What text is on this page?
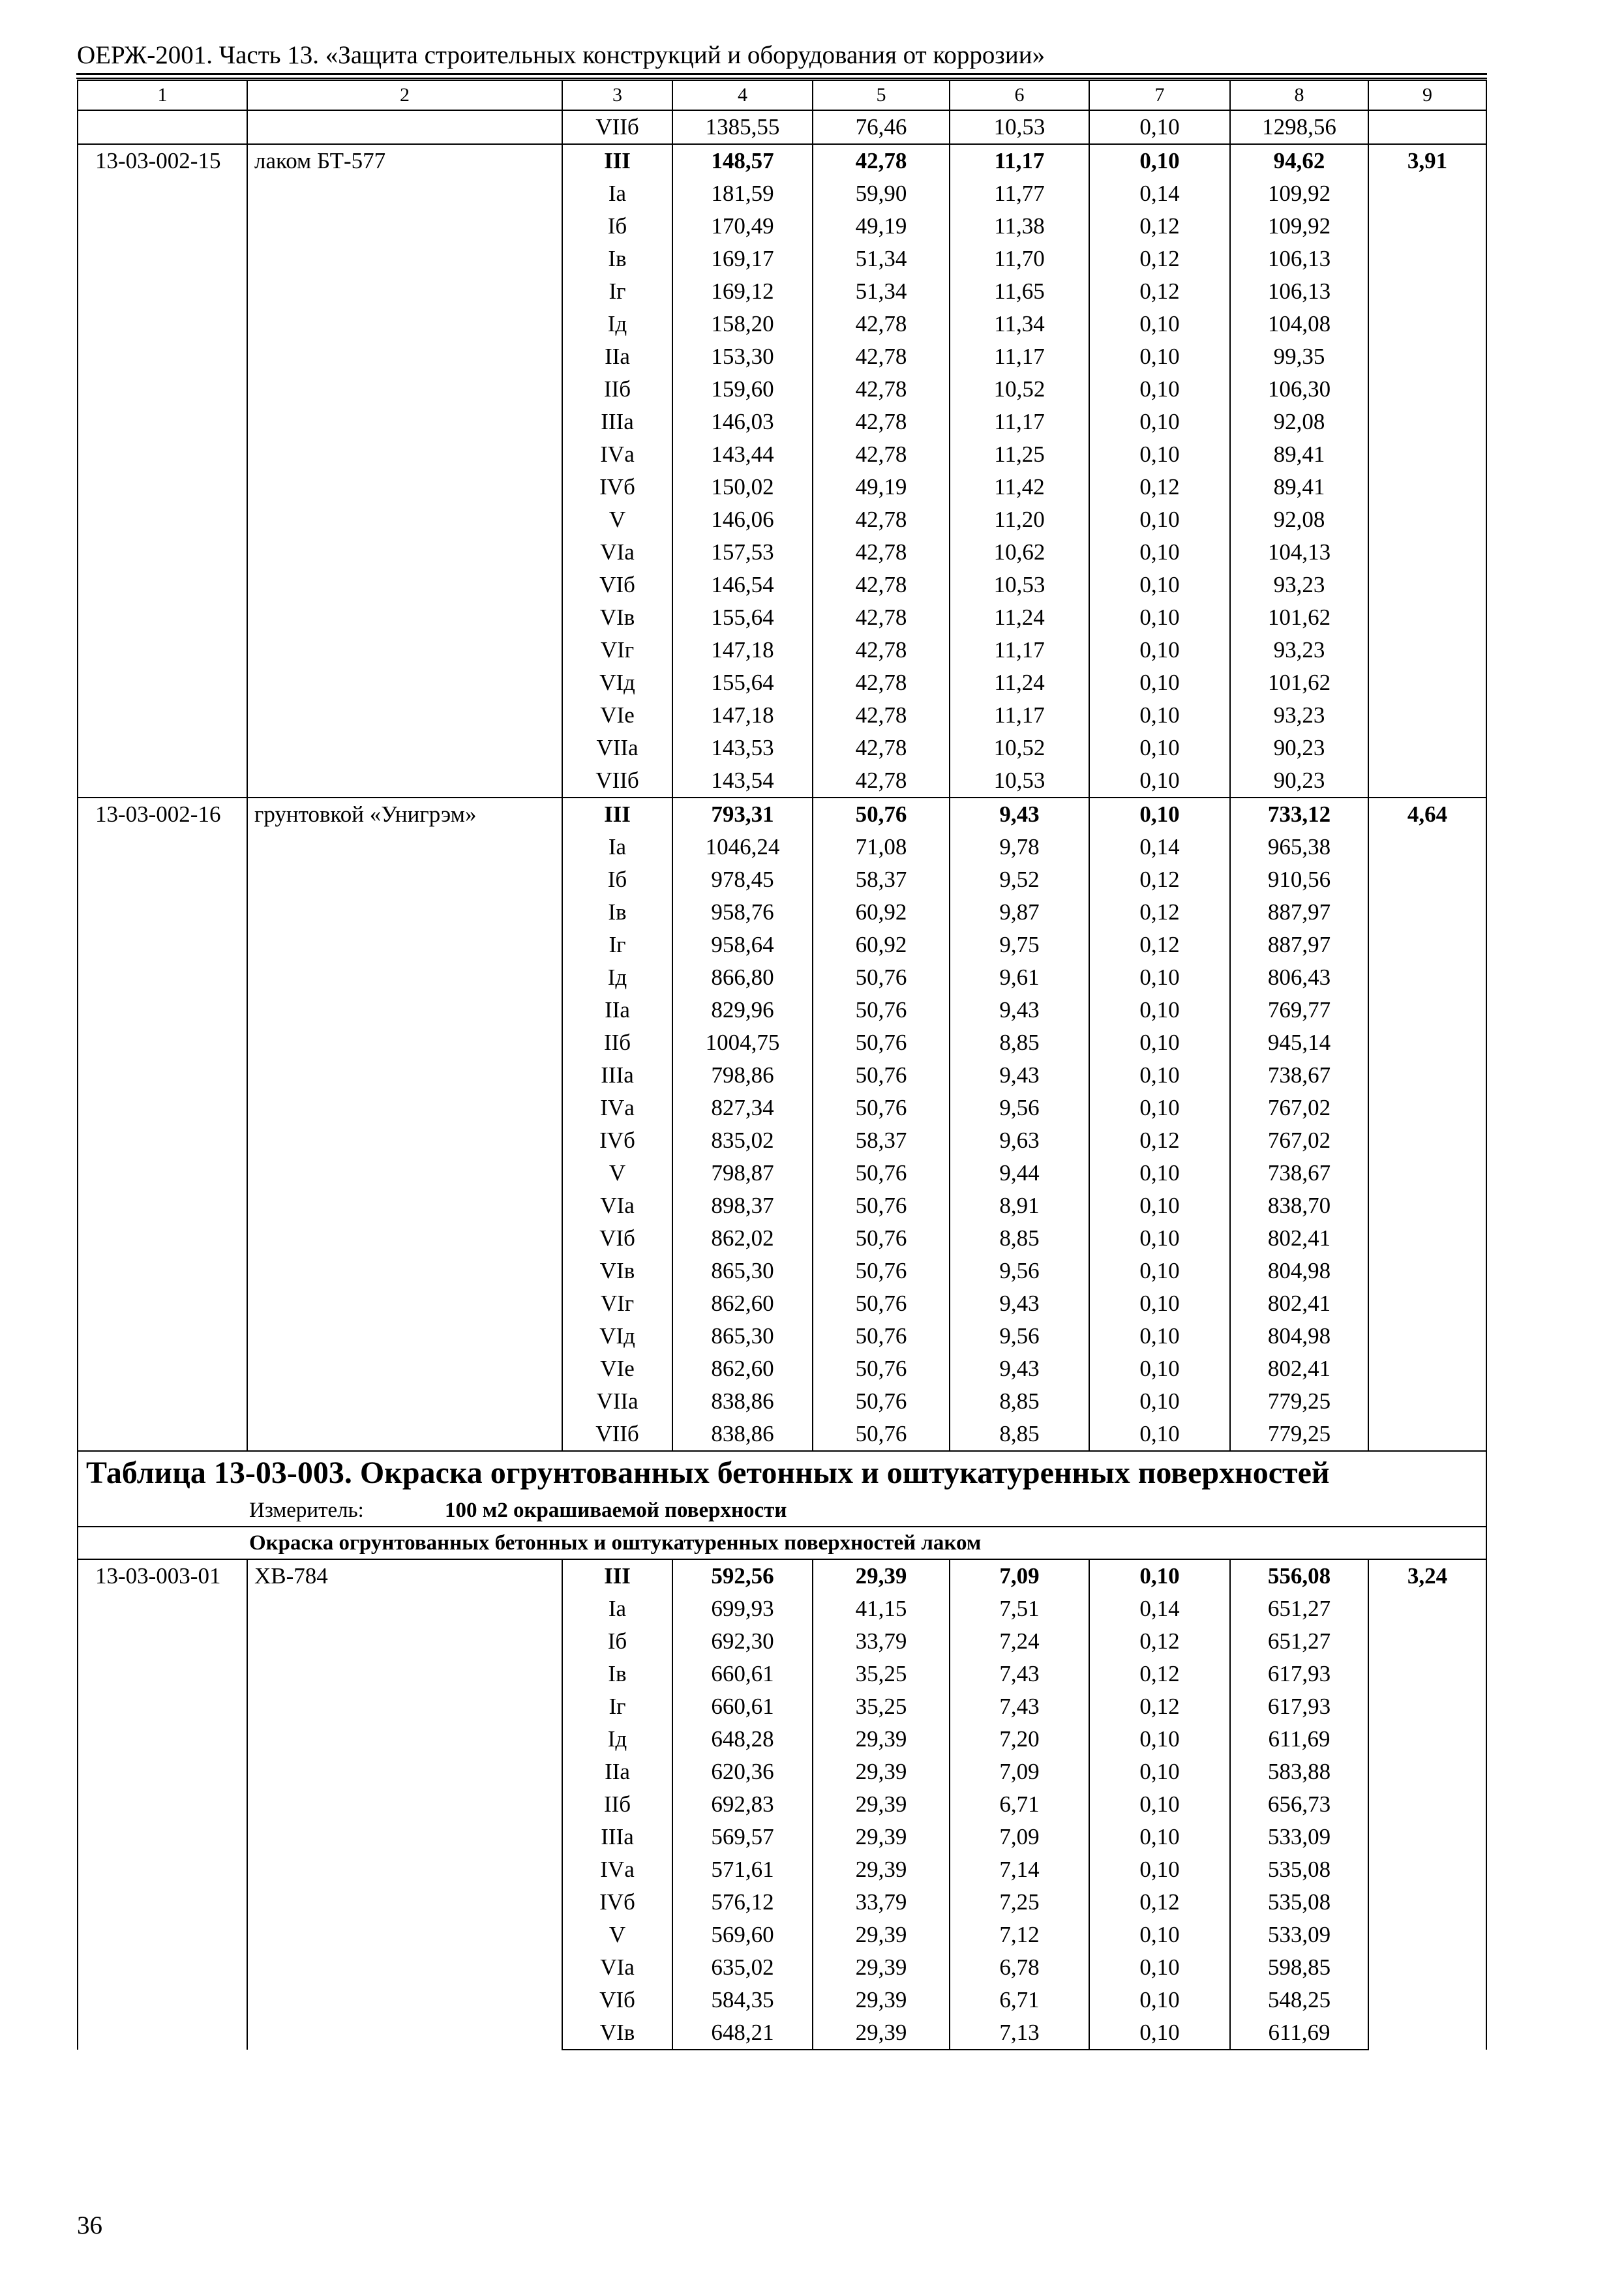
ОЕРЖ-2001. Часть 13. «Защита строительных конструкций и оборудования от коррозии»
1	2	3	4	5	6	7	8	9
		VIIб	1385,55	76,46	10,53	0,10	1298,56	
13-03-002-15	лаком БТ-577	III	148,57	42,78	11,17	0,10	94,62	3,91
		Iа	181,59	59,90	11,77	0,14	109,92	
		Iб	170,49	49,19	11,38	0,12	109,92	
		Iв	169,17	51,34	11,70	0,12	106,13	
		Iг	169,12	51,34	11,65	0,12	106,13	
		Iд	158,20	42,78	11,34	0,10	104,08	
		IIа	153,30	42,78	11,17	0,10	99,35	
		IIб	159,60	42,78	10,52	0,10	106,30	
		IIIа	146,03	42,78	11,17	0,10	92,08	
		IVа	143,44	42,78	11,25	0,10	89,41	
		IVб	150,02	49,19	11,42	0,12	89,41	
		V	146,06	42,78	11,20	0,10	92,08	
		VIа	157,53	42,78	10,62	0,10	104,13	
		VIб	146,54	42,78	10,53	0,10	93,23	
		VIв	155,64	42,78	11,24	0,10	101,62	
		VIг	147,18	42,78	11,17	0,10	93,23	
		VIд	155,64	42,78	11,24	0,10	101,62	
		VIе	147,18	42,78	11,17	0,10	93,23	
		VIIа	143,53	42,78	10,52	0,10	90,23	
		VIIб	143,54	42,78	10,53	0,10	90,23	
13-03-002-16	грунтовкой «Унигрэм»	III	793,31	50,76	9,43	0,10	733,12	4,64
		Iа	1046,24	71,08	9,78	0,14	965,38	
		Iб	978,45	58,37	9,52	0,12	910,56	
		Iв	958,76	60,92	9,87	0,12	887,97	
		Iг	958,64	60,92	9,75	0,12	887,97	
		Iд	866,80	50,76	9,61	0,10	806,43	
		IIа	829,96	50,76	9,43	0,10	769,77	
		IIб	1004,75	50,76	8,85	0,10	945,14	
		IIIа	798,86	50,76	9,43	0,10	738,67	
		IVа	827,34	50,76	9,56	0,10	767,02	
		IVб	835,02	58,37	9,63	0,12	767,02	
		V	798,87	50,76	9,44	0,10	738,67	
		VIа	898,37	50,76	8,91	0,10	838,70	
		VIб	862,02	50,76	8,85	0,10	802,41	
		VIв	865,30	50,76	9,56	0,10	804,98	
		VIг	862,60	50,76	9,43	0,10	802,41	
		VIд	865,30	50,76	9,56	0,10	804,98	
		VIе	862,60	50,76	9,43	0,10	802,41	
		VIIа	838,86	50,76	8,85	0,10	779,25	
		VIIб	838,86	50,76	8,85	0,10	779,25	
Таблица 13-03-003. Окраска огрунтованных бетонных и оштукатуренных поверхностей								
Измеритель: 100 м2 окрашиваемой поверхности								
Окраска огрунтованных бетонных и оштукатуренных поверхностей лаком								
13-03-003-01	ХВ-784	III	592,56	29,39	7,09	0,10	556,08	3,24
		Iа	699,93	41,15	7,51	0,14	651,27	
		Iб	692,30	33,79	7,24	0,12	651,27	
		Iв	660,61	35,25	7,43	0,12	617,93	
		Iг	660,61	35,25	7,43	0,12	617,93	
		Iд	648,28	29,39	7,20	0,10	611,69	
		IIа	620,36	29,39	7,09	0,10	583,88	
		IIб	692,83	29,39	6,71	0,10	656,73	
		IIIа	569,57	29,39	7,09	0,10	533,09	
		IVа	571,61	29,39	7,14	0,10	535,08	
		IVб	576,12	33,79	7,25	0,12	535,08	
		V	569,60	29,39	7,12	0,10	533,09	
		VIа	635,02	29,39	6,78	0,10	598,85	
		VIб	584,35	29,39	6,71	0,10	548,25	
		VIв	648,21	29,39	7,13	0,10	611,69	
36
